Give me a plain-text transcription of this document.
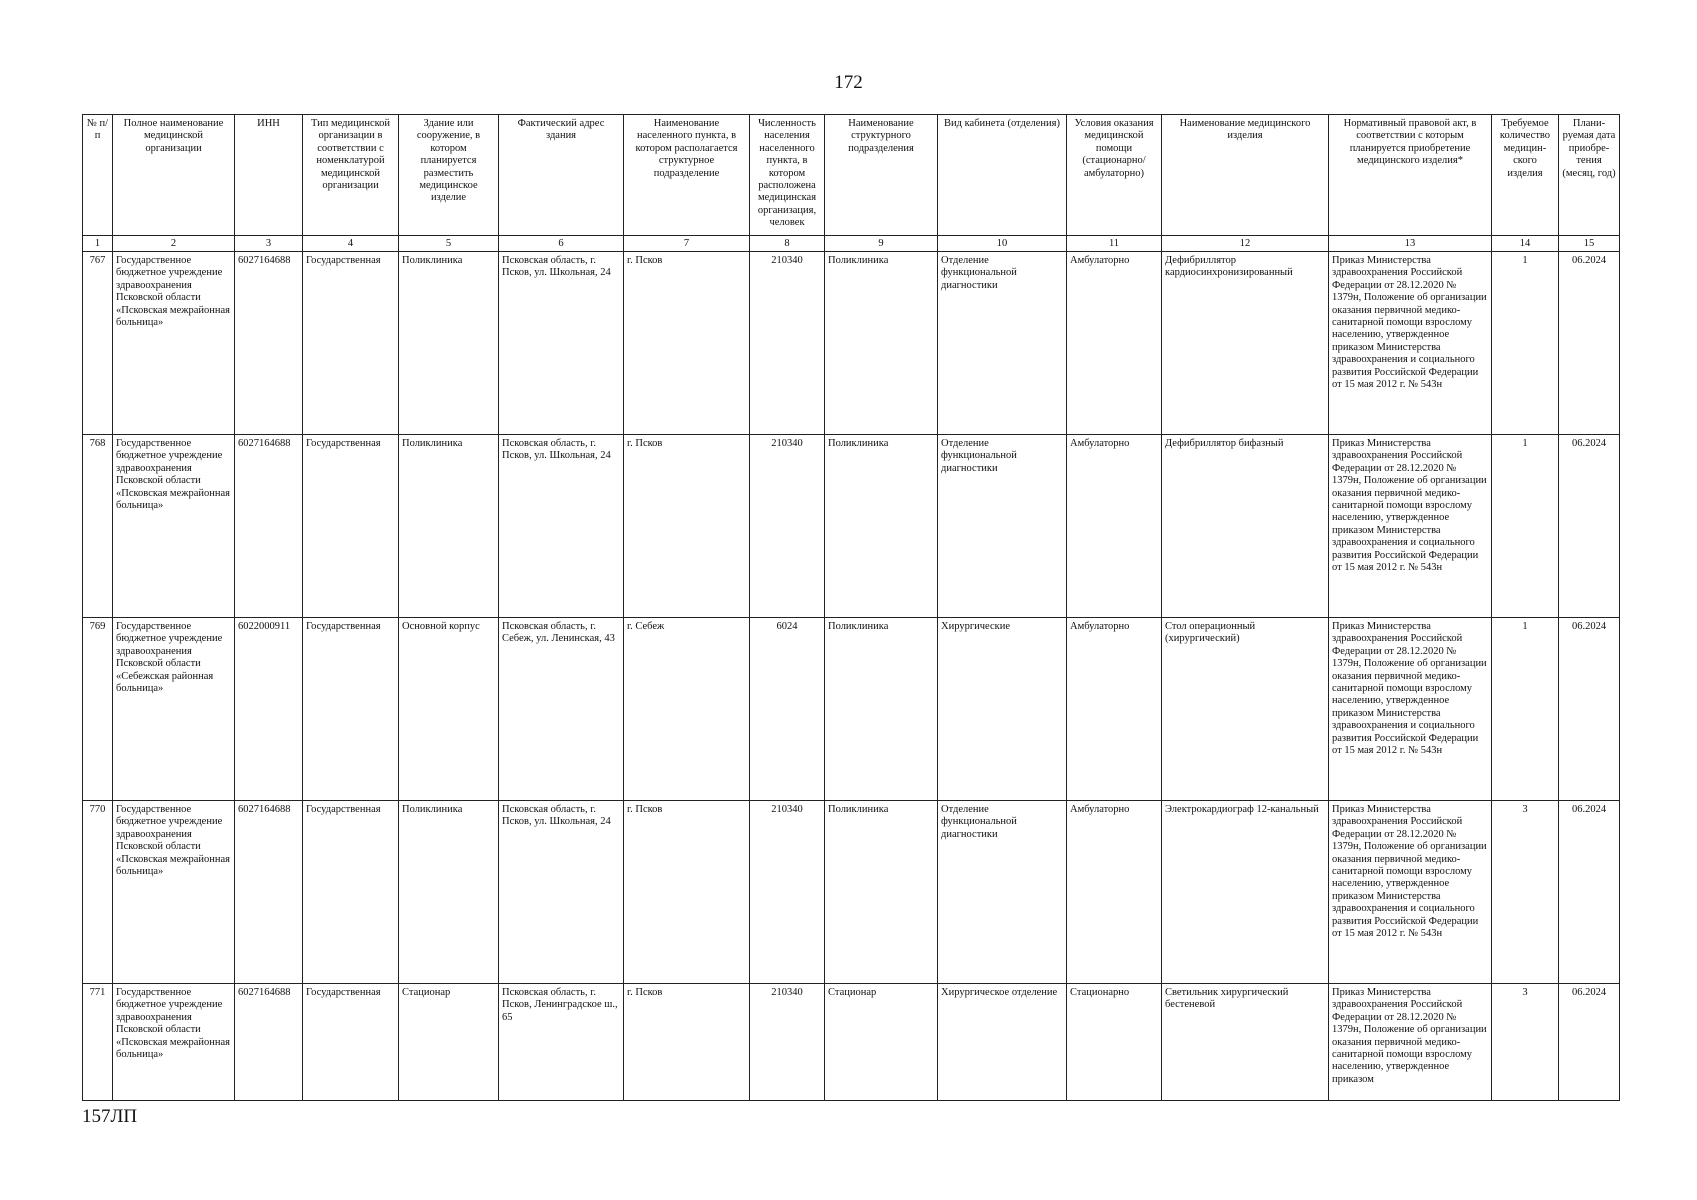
172
№ п/п	Полное наименование медицинской организации	ИНН	Тип медицинской организации в соответствии с номенклатурой медицинской организации	Здание или сооружение, в котором планируется разместить медицинское изделие	Фактический адрес здания	Наименование населенного пункта, в котором располагается структурное подразделение	Численность населения населенного пункта, в котором расположена медицинская организация, человек	Наименование структурного подразделения	Вид кабинета (отделения)	Условия оказания медицинской помощи (стационарно/ амбулаторно)	Наименование медицинского изделия	Нормативный правовой акт, в соответствии с которым планируется приобретение медицинского изделия*	Требуемое количество медицин-ского изделия	Плани-руемая дата приобре-тения (месяц, год)
1	2	3	4	5	6	7	8	9	10	11	12	13	14	15
767	Государственное бюджетное учреждение здравоохранения Псковской области «Псковская межрайонная больница»	6027164688	Государственная	Поликлиника	Псковская область, г. Псков, ул. Школьная, 24	г. Псков	210340	Поликлиника	Отделение функциональной диагностики	Амбулаторно	Дефибриллятор кардиосинхронизированный	Приказ Министерства здравоохранения Российской Федерации от 28.12.2020 № 1379н, Положение об организации оказания первичной медико-санитарной помощи взрослому населению, утвержденное приказом Министерства здравоохранения и социального развития Российской Федерации от 15 мая 2012 г. № 543н	1	06.2024
768	Государственное бюджетное учреждение здравоохранения Псковской области «Псковская межрайонная больница»	6027164688	Государственная	Поликлиника	Псковская область, г. Псков, ул. Школьная, 24	г. Псков	210340	Поликлиника	Отделение функциональной диагностики	Амбулаторно	Дефибриллятор бифазный	Приказ Министерства здравоохранения Российской Федерации от 28.12.2020 № 1379н, Положение об организации оказания первичной медико-санитарной помощи взрослому населению, утвержденное приказом Министерства здравоохранения и социального развития Российской Федерации от 15 мая 2012 г. № 543н	1	06.2024
769	Государственное бюджетное учреждение здравоохранения Псковской области «Себежская районная больница»	6022000911	Государственная	Основной корпус	Псковская область, г. Себеж, ул. Ленинская, 43	г. Себеж	6024	Поликлиника	Хирургические	Амбулаторно	Стол операционный (хирургический)	Приказ Министерства здравоохранения Российской Федерации от 28.12.2020 № 1379н, Положение об организации оказания первичной медико-санитарной помощи взрослому населению, утвержденное приказом Министерства здравоохранения и социального развития Российской Федерации от 15 мая 2012 г. № 543н	1	06.2024
770	Государственное бюджетное учреждение здравоохранения Псковской области «Псковская межрайонная больница»	6027164688	Государственная	Поликлиника	Псковская область, г. Псков, ул. Школьная, 24	г. Псков	210340	Поликлиника	Отделение функциональной диагностики	Амбулаторно	Электрокардиограф 12-канальный	Приказ Министерства здравоохранения Российской Федерации от 28.12.2020 № 1379н, Положение об организации оказания первичной медико-санитарной помощи взрослому населению, утвержденное приказом Министерства здравоохранения и социального развития Российской Федерации от 15 мая 2012 г. № 543н	3	06.2024
771	Государственное бюджетное учреждение здравоохранения Псковской области «Псковская межрайонная больница»	6027164688	Государственная	Стационар	Псковская область, г. Псков, Ленинградское ш., 65	г. Псков	210340	Стационар	Хирургическое отделение	Стационарно	Светильник хирургический бестеневой	Приказ Министерства здравоохранения Российской Федерации от 28.12.2020 № 1379н, Положение об организации оказания первичной медико-санитарной помощи взрослому населению, утвержденное приказом	3	06.2024
157ЛП
